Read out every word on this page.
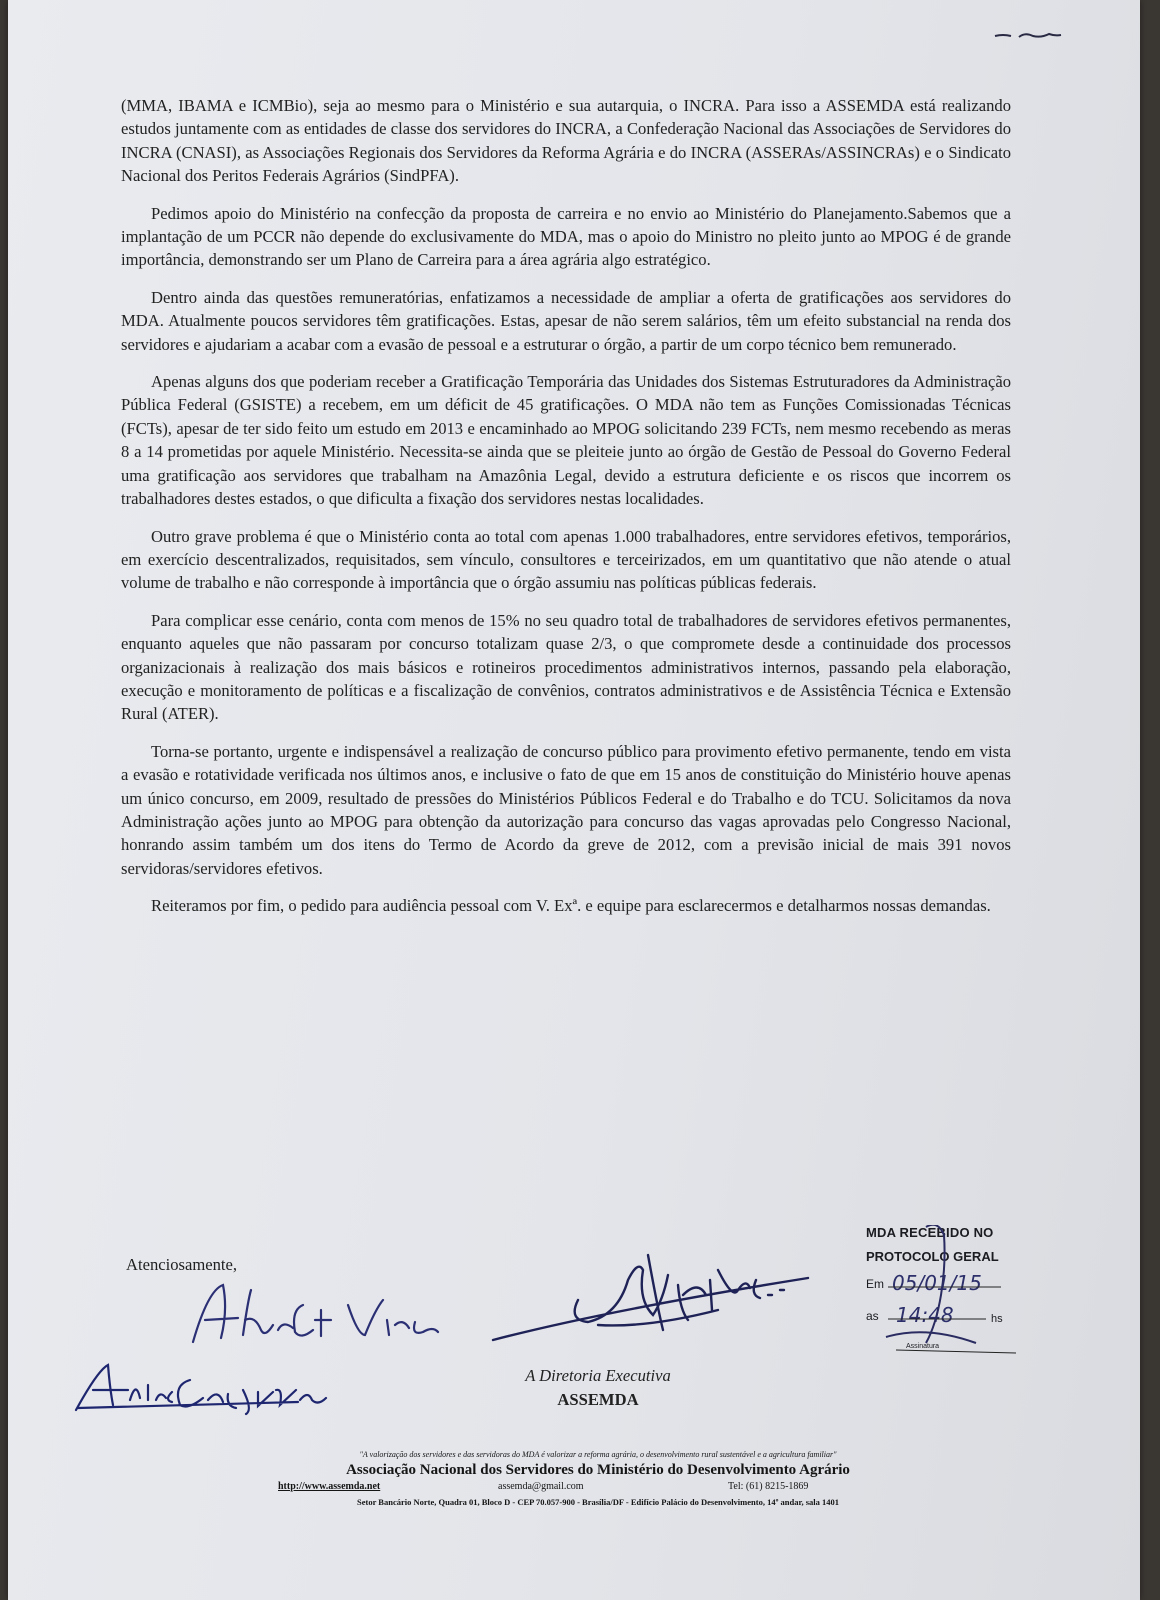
(MMA, IBAMA e ICMBio), seja ao mesmo para o Ministério e sua autarquia, o INCRA. Para isso a ASSEMDA está realizando estudos juntamente com as entidades de classe dos servidores do INCRA, a Confederação Nacional das Associações de Servidores do INCRA (CNASI), as Associações Regionais dos Servidores da Reforma Agrária e do INCRA (ASSERAs/ASSINCRAs) e o Sindicato Nacional dos Peritos Federais Agrários (SindPFA).

Pedimos apoio do Ministério na confecção da proposta de carreira e no envio ao Ministério do Planejamento.Sabemos que a implantação de um PCCR não depende do exclusivamente do MDA, mas o apoio do Ministro no pleito junto ao MPOG é de grande importância, demonstrando ser um Plano de Carreira para a área agrária algo estratégico.

Dentro ainda das questões remuneratórias, enfatizamos a necessidade de ampliar a oferta de gratificações aos servidores do MDA. Atualmente poucos servidores têm gratificações. Estas, apesar de não serem salários, têm um efeito substancial na renda dos servidores e ajudariam a acabar com a evasão de pessoal e a estruturar o órgão, a partir de um corpo técnico bem remunerado.

Apenas alguns dos que poderiam receber a Gratificação Temporária das Unidades dos Sistemas Estruturadores da Administração Pública Federal (GSISTE) a recebem, em um déficit de 45 gratificações. O MDA não tem as Funções Comissionadas Técnicas (FCTs), apesar de ter sido feito um estudo em 2013 e encaminhado ao MPOG solicitando 239 FCTs, nem mesmo recebendo as meras 8 a 14 prometidas por aquele Ministério. Necessita-se ainda que se pleiteie junto ao órgão de Gestão de Pessoal do Governo Federal uma gratificação aos servidores que trabalham na Amazônia Legal, devido a estrutura deficiente e os riscos que incorrem os trabalhadores destes estados, o que dificulta a fixação dos servidores nestas localidades.

Outro grave problema é que o Ministério conta ao total com apenas 1.000 trabalhadores, entre servidores efetivos, temporários, em exercício descentralizados, requisitados, sem vínculo, consultores e terceirizados, em um quantitativo que não atende o atual volume de trabalho e não corresponde à importância que o órgão assumiu nas políticas públicas federais.

Para complicar esse cenário, conta com menos de 15% no seu quadro total de trabalhadores de servidores efetivos permanentes, enquanto aqueles que não passaram por concurso totalizam quase 2/3, o que compromete desde a continuidade dos processos organizacionais à realização dos mais básicos e rotineiros procedimentos administrativos internos, passando pela elaboração, execução e monitoramento de políticas e a fiscalização de convênios, contratos administrativos e de Assistência Técnica e Extensão Rural (ATER).

Torna-se portanto, urgente e indispensável a realização de concurso público para provimento efetivo permanente, tendo em vista a evasão e rotatividade verificada nos últimos anos, e inclusive o fato de que em 15 anos de constituição do Ministério houve apenas um único concurso, em 2009, resultado de pressões do Ministérios Públicos Federal e do Trabalho e do TCU. Solicitamos da nova Administração ações junto ao MPOG para obtenção da autorização para concurso das vagas aprovadas pelo Congresso Nacional, honrando assim também um dos itens do Termo de Acordo da greve de 2012, com a previsão inicial de mais 391 novos servidoras/servidores efetivos.

Reiteramos por fim, o pedido para audiência pessoal com V. Exª. e equipe para esclarecermos e detalharmos nossas demandas.

Atenciosamente,
A Diretoria Executiva
ASSEMDA
MDA RECEBIDO NO
PROTOCOLO GERAL
Em
as	hs
Assinatura
05/01/15
14:48
"A valorização dos servidores e das servidoras do MDA é valorizar a reforma agrária, o desenvolvimento rural sustentável e a agricultura familiar"
Associação Nacional dos Servidores do Ministério do Desenvolvimento Agrário
http://www.assemda.net	assemda@gmail.com	Tel: (61) 8215-1869
Setor Bancário Norte, Quadra 01, Bloco D - CEP 70.057-900 - Brasília/DF - Edifício Palácio do Desenvolvimento, 14º andar, sala 1401
